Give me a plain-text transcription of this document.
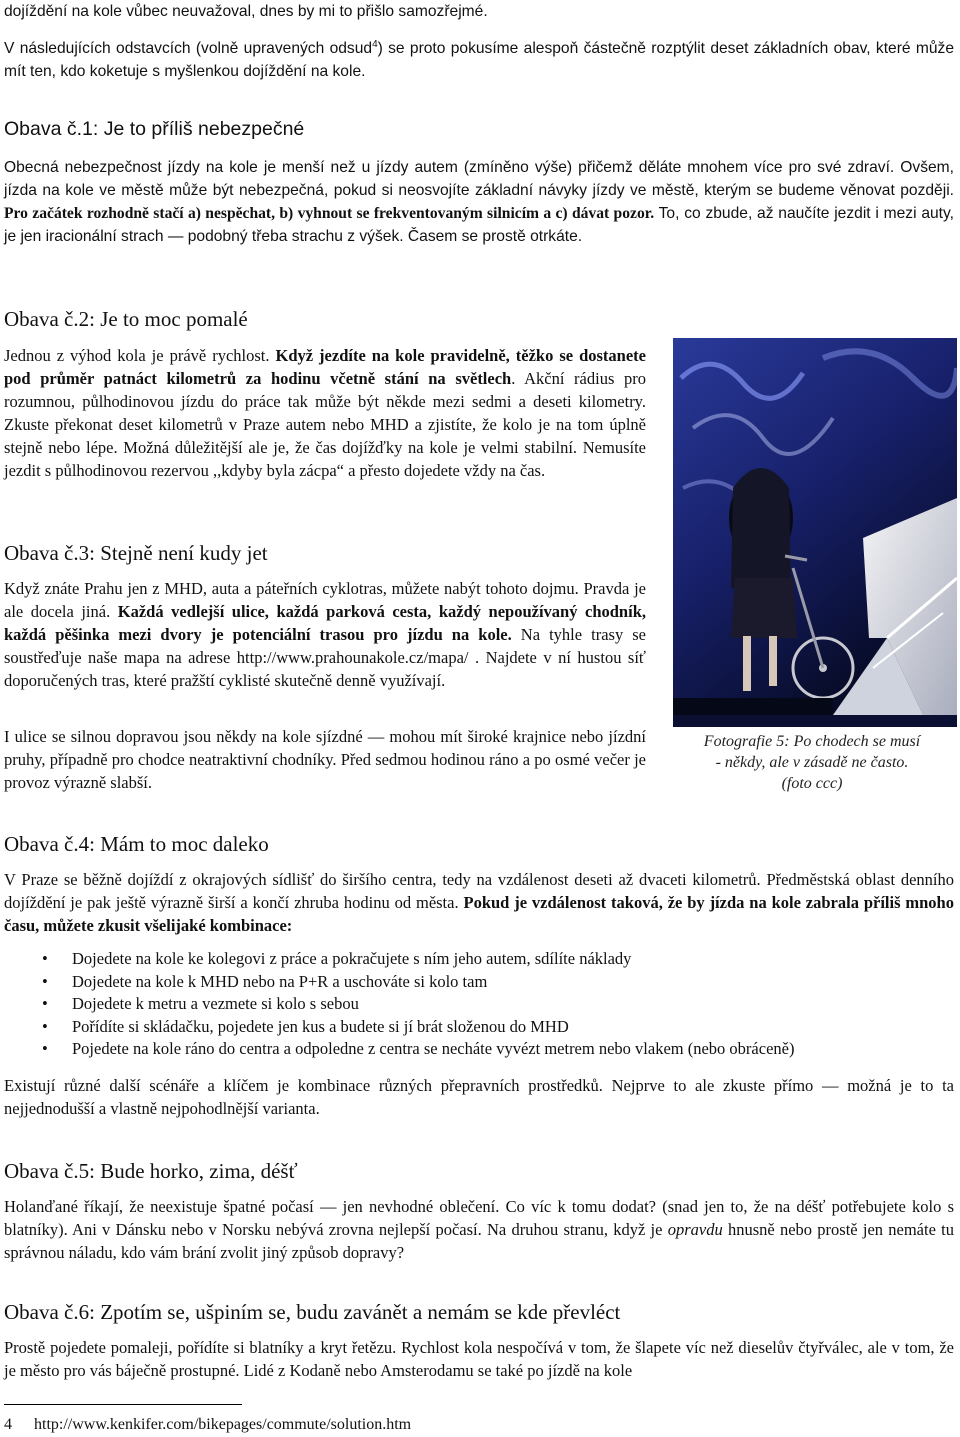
dojíždění na kole vůbec neuvažoval, dnes by mi to přišlo samozřejmé.

V následujících odstavcích (volně upravených odsud$^4$) se proto pokusíme alespoň částečně rozptýlit deset základních obav, které může mít ten, kdo koketuje s myšlenkou dojíždění na kole.

Obava č.1: Je to příliš nebezpečné

Obecná nebezpečnost jízdy na kole je menší než u jízdy autem (zmíněno výše) přičemž děláte mnohem více pro své zdraví. Ovšem, jízda na kole ve městě může být nebezpečná, pokud si neosvojíte základní návyky jízdy ve městě, kterým se budeme věnovat později. Pro začátek rozhodně stačí a) nespěchat, b) vyhnout se frekventovaným silnicím a c) dávat pozor. To, co zbude, až naučíte jezdit i mezi auty, je jen iracionální strach — podobný třeba strachu z výšek. Časem se prostě otrkáte.

Obava č.2: Je to moc pomalé

Jednou z výhod kola je právě rychlost. Když jezdíte na kole pravidelně, těžko se dostanete pod průměr patnáct kilometrů za hodinu včetně stání na světlech. Akční rádius pro rozumnou, půlhodinovou jízdu do práce tak může být někde mezi sedmi a deseti kilometry. Zkuste překonat deset kilometrů v Praze autem nebo MHD a zjistíte, že kolo je na tom úplně stejně nebo lépe. Možná důležitější ale je, že čas dojížďky na kole je velmi stabilní. Nemusíte jezdit s půlhodinovou rezervou ,,kdyby byla zácpa“ a přesto dojedete vždy na čas.

Obava č.3: Stejně není kudy jet

Když znáte Prahu jen z MHD, auta a páteřních cyklotras, můžete nabýt tohoto dojmu. Pravda je ale docela jiná. Každá vedlejší ulice, každá parková cesta, každý nepoužívaný chodník, každá pěšinka mezi dvory je potenciální trasou pro jízdu na kole. Na tyhle trasy se soustřeďuje naše mapa na adrese http://www.prahounakole.cz/mapa/ . Najdete v ní hustou síť doporučených tras, které pražští cyklisté skutečně denně využívají.

I ulice se silnou dopravou jsou někdy na kole sjízdné — mohou mít široké krajnice nebo jízdní pruhy, případně pro chodce neatraktivní chodníky. Před sedmou hodinou ráno a po osmé večer je provoz výrazně slabší.

Obava č.4: Mám to moc daleko

V Praze se běžně dojíždí z okrajových sídlišť do širšího centra, tedy na vzdálenost deseti až dvaceti kilometrů. Předměstská oblast denního dojíždění je pak ještě výrazně širší a končí zhruba hodinu od města. Pokud je vzdálenost taková, že by jízda na kole zabrala příliš mnoho času, můžete zkusit všelijaké kombinace:

• Dojedete na kole ke kolegovi z práce a pokračujete s ním jeho autem, sdílíte náklady
• Dojedete na kole k MHD nebo na P+R a uschováte si kolo tam
• Dojedete k metru a vezmete si kolo s sebou
• Pořídíte si skládačku, pojedete jen kus a budete si jí brát složenou do MHD
• Pojedete na kole ráno do centra a odpoledne z centra se necháte vyvézt metrem nebo vlakem (nebo obráceně)

Existují různé další scénáře a klíčem je kombinace různých přepravních prostředků. Nejprve to ale zkuste přímo — možná je to ta nejjednodušší a vlastně nejpohodlnější varianta.

Obava č.5: Bude horko, zima, déšť

Holanďané říkají, že neexistuje špatné počasí — jen nevhodné oblečení. Co víc k tomu dodat? (snad jen to, že na déšť potřebujete kolo s blatníky). Ani v Dánsku nebo v Norsku nebývá zrovna nejlepší počasí. Na druhou stranu, když je opravdu hnusně nebo prostě jen nemáte tu správnou náladu, kdo vám brání zvolit jiný způsob dopravy?

Obava č.6: Zpotím se, ušpiním se, budu zavánět a nemám se kde převléct

Prostě pojedete pomaleji, pořídíte si blatníky a kryt řetězu. Rychlost kola nespočívá v tom, že šlapete víc než dieselův čtyřválec, ale v tom, že je město pro vás báječně prostupné. Lidé z Kodaně nebo Amsterodamu se také po jízdě na kole

Fotografie 5: Po chodech se musí
- někdy, ale v zásadě ne často.
(foto ccc)
4 http://www.kenkifer.com/bikepages/commute/solution.htm
